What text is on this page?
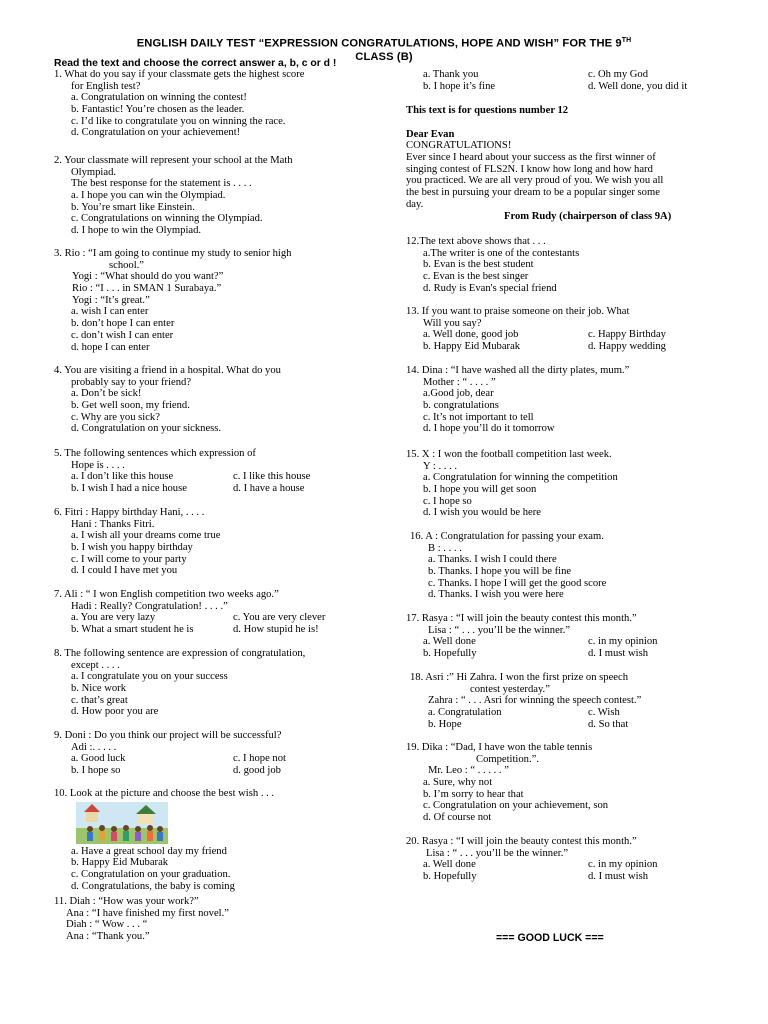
ENGLISH DAILY TEST “EXPRESSION CONGRATULATIONS, HOPE AND WISH” FOR THE 9TH
CLASS (B)
Read the text and choose the correct answer a, b, c or d !
1. What do you say if your classmate gets the highest score
for English test?
a. Congratulation on winning the contest!
b. Fantastic! You’re chosen as the leader.
c. I’d like to congratulate you on winning the race.
d. Congratulation on your achievement!
2. Your classmate will represent your school at the Math
Olympiad.
The best response for the statement is . . . .
a. I hope you can win the Olympiad.
b. You’re smart like Einstein.
c. Congratulations on winning the Olympiad.
d. I hope to win the Olympiad.
3. Rio : “I am going to continue my study to senior high
school.”
Yogi : “What should do you want?”
Rio : “I . . . in SMAN 1 Surabaya.”
Yogi : “It’s great.”
a. wish I can enter
b. don’t hope I can enter
c. don’t wish I can enter
d. hope I can enter
4. You are visiting a friend in a hospital. What do you
probably say to your friend?
a. Don’t be sick!
b. Get well soon, my friend.
c. Why are you sick?
d. Congratulation on your sickness.
5. The following sentences which expression of
Hope is . . . .
a. I don’t like this house	c. I like this house
b. I wish I had a nice house	d. I have a house
6. Fitri : Happy birthday Hani, . . . .
Hani : Thanks Fitri.
a. I wish all your dreams come true
b. I wish you happy birthday
c. I will come to your party
d. I could I have met you
7. Ali : “ I won English competition two weeks ago.”
Hadi : Really? Congratulation! . . . .”
a. You are very lazy	c. You are very clever
b. What a smart student he is	d. How stupid he is!
8. The following sentence are expression of congratulation,
except . . . .
a. I congratulate you on your success
b. Nice work
c. that’s great
d. How poor you are
9. Doni : Do you think our project will be successful?
Adi :. . . . .
a. Good luck	c. I hope not
b. I hope so	d. good job
10. Look at the picture and choose the best wish . . .
a. Have a great school day my friend
b. Happy Eid Mubarak
c. Congratulation on your graduation.
d. Congratulations, the baby is coming
11. Diah : “How was your work?”
Ana : “I have finished my first novel.”
Diah : “ Wow . . . “
Ana : “Thank you.”
a. Thank you	c. Oh my God
b. I hope it’s fine	d. Well done, you did it
This text is for questions number 12
Dear Evan
CONGRATULATIONS!
Ever since I heard about your success as the first winner of
singing contest of FLS2N. I know how long and how hard
you practiced. We are all very proud of you. We wish you all
the best in pursuing your dream to be a popular singer some
day.
From Rudy (chairperson of class 9A)
12.The text above shows that . . .
a.The writer is one of the contestants
b. Evan is the best student
c. Evan is the best singer
d. Rudy is Evan's special friend
13. If you want to praise someone on their job. What
Will you say?
a. Well done, good job	c. Happy Birthday
b. Happy Eid Mubarak	d. Happy wedding
14. Dina : “I have washed all the dirty plates, mum.”
Mother : “ . . . . ”
a.Good job, dear
b. congratulations
c. It’s not important to tell
d. I hope you’ll do it tomorrow
15. X : I won the football competition last week.
Y : . . . .
a. Congratulation for winning the competition
b. I hope you will get soon
c. I hope so
d. I wish you would be here
16. A : Congratulation for passing your exam.
B : . . . .
a. Thanks. I wish I could there
b. Thanks. I hope you will be fine
c. Thanks. I hope I will get the good score
d. Thanks. I wish you were here
17. Rasya : “I will join the beauty contest this month.”
Lisa : “ . . . you’ll be the winner.”
a. Well done	c. in my opinion
b. Hopefully	d. I must wish
18. Asri :” Hi Zahra. I won the first prize on speech
contest yesterday.”
Zahra : “ . . . Asri for winning the speech contest.”
a. Congratulation	c. Wish
b. Hope	d. So that
19. Dika : “Dad, I have won the table tennis
Competition.”.
Mr. Leo : “ . . . . . ”
a. Sure, why not
b. I’m sorry to hear that
c. Congratulation on your achievement, son
d. Of course not
20. Rasya : “I will join the beauty contest this month.”
Lisa : “ . . . you’ll be the winner.”
a. Well done	c. in my opinion
b. Hopefully	d. I must wish
=== GOOD LUCK ===
